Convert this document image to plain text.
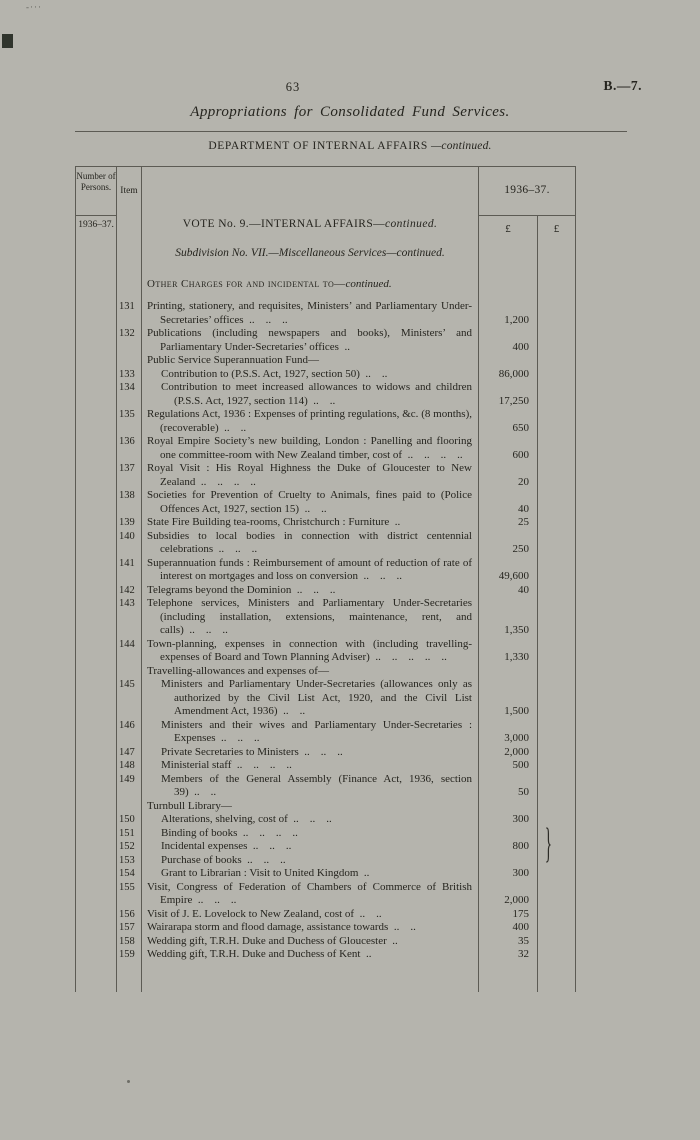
-···
63	B.—7.
Appropriations for Consolidated Fund Services.
DEPARTMENT OF INTERNAL AFFAIRS —continued.
Number of Persons.	Item		1936–37.	
1936–37.		VOTE No. 9.—INTERNAL AFFAIRS—continued.	£	£
		Subdivision No. VII.—Miscellaneous Services—continued.		
		Other Charges for and incidental to—continued.		
	131	Printing, stationery, and requisites, Ministers’ and Parliamentary Under-Secretaries’ offices ..  ..  ..	1,200	
	132	Publications (including newspapers and books), Ministers’ and Parliamentary Under-Secretaries’ offices ..	400	
		Public Service Superannuation Fund—		
	133	Contribution to (P.S.S. Act, 1927, section 50) ..  ..	86,000	
	134	Contribution to meet increased allowances to widows and children (P.S.S. Act, 1927, section 114) ..  ..	17,250	
	135	Regulations Act, 1936 : Expenses of printing regulations, &c. (8 months), (recoverable) ..  ..	650	
	136	Royal Empire Society’s new building, London : Panelling and flooring one committee-room with New Zealand timber, cost of ..  ..  ..  ..	600	
	137	Royal Visit : His Royal Highness the Duke of Gloucester to New Zealand ..  ..  ..  ..	20	
	138	Societies for Prevention of Cruelty to Animals, fines paid to (Police Offences Act, 1927, section 15) ..  ..	40	
	139	State Fire Building tea-rooms, Christchurch : Furniture ..	25	
	140	Subsidies to local bodies in connection with district centennial celebrations ..  ..  ..	250	
	141	Superannuation funds : Reimbursement of amount of reduction of rate of interest on mortgages and loss on conversion ..  ..  ..	49,600	
	142	Telegrams beyond the Dominion ..  ..  ..	40	
	143	Telephone services, Ministers and Parliamentary Under-Secretaries (including installation, extensions, maintenance, rent, and calls) ..  ..  ..	1,350	
	144	Town-planning, expenses in connection with (including travelling-expenses of Board and Town Planning Adviser) ..  ..  ..  ..  ..	1,330	
		Travelling-allowances and expenses of—		
	145	Ministers and Parliamentary Under-Secretaries (allowances only as authorized by the Civil List Act, 1920, and the Civil List Amendment Act, 1936) ..  ..	1,500	
	146	Ministers and their wives and Parliamentary Under-Secretaries : Expenses ..  ..  ..	3,000	
	147	Private Secretaries to Ministers ..  ..  ..	2,000	
	148	Ministerial staff ..  ..  ..  ..	500	
	149	Members of the General Assembly (Finance Act, 1936, section 39) ..  ..	50	
		Turnbull Library—		
	150	Alterations, shelving, cost of ..  ..  ..	300	
	151	Binding of books ..  ..  ..  ..		
	152	Incidental expenses ..  ..  ..	800 }	

	153	Purchase of books ..  ..  ..		
	154	Grant to Librarian : Visit to United Kingdom ..	300	
	155	Visit, Congress of Federation of Chambers of Commerce of British Empire ..  ..  ..	2,000	
	156	Visit of J. E. Lovelock to New Zealand, cost of ..  ..	175	
	157	Wairarapa storm and flood damage, assistance towards ..  ..	400	
	158	Wedding gift, T.R.H. Duke and Duchess of Gloucester ..	35	
	159	Wedding gift, T.R.H. Duke and Duchess of Kent ..	32	
